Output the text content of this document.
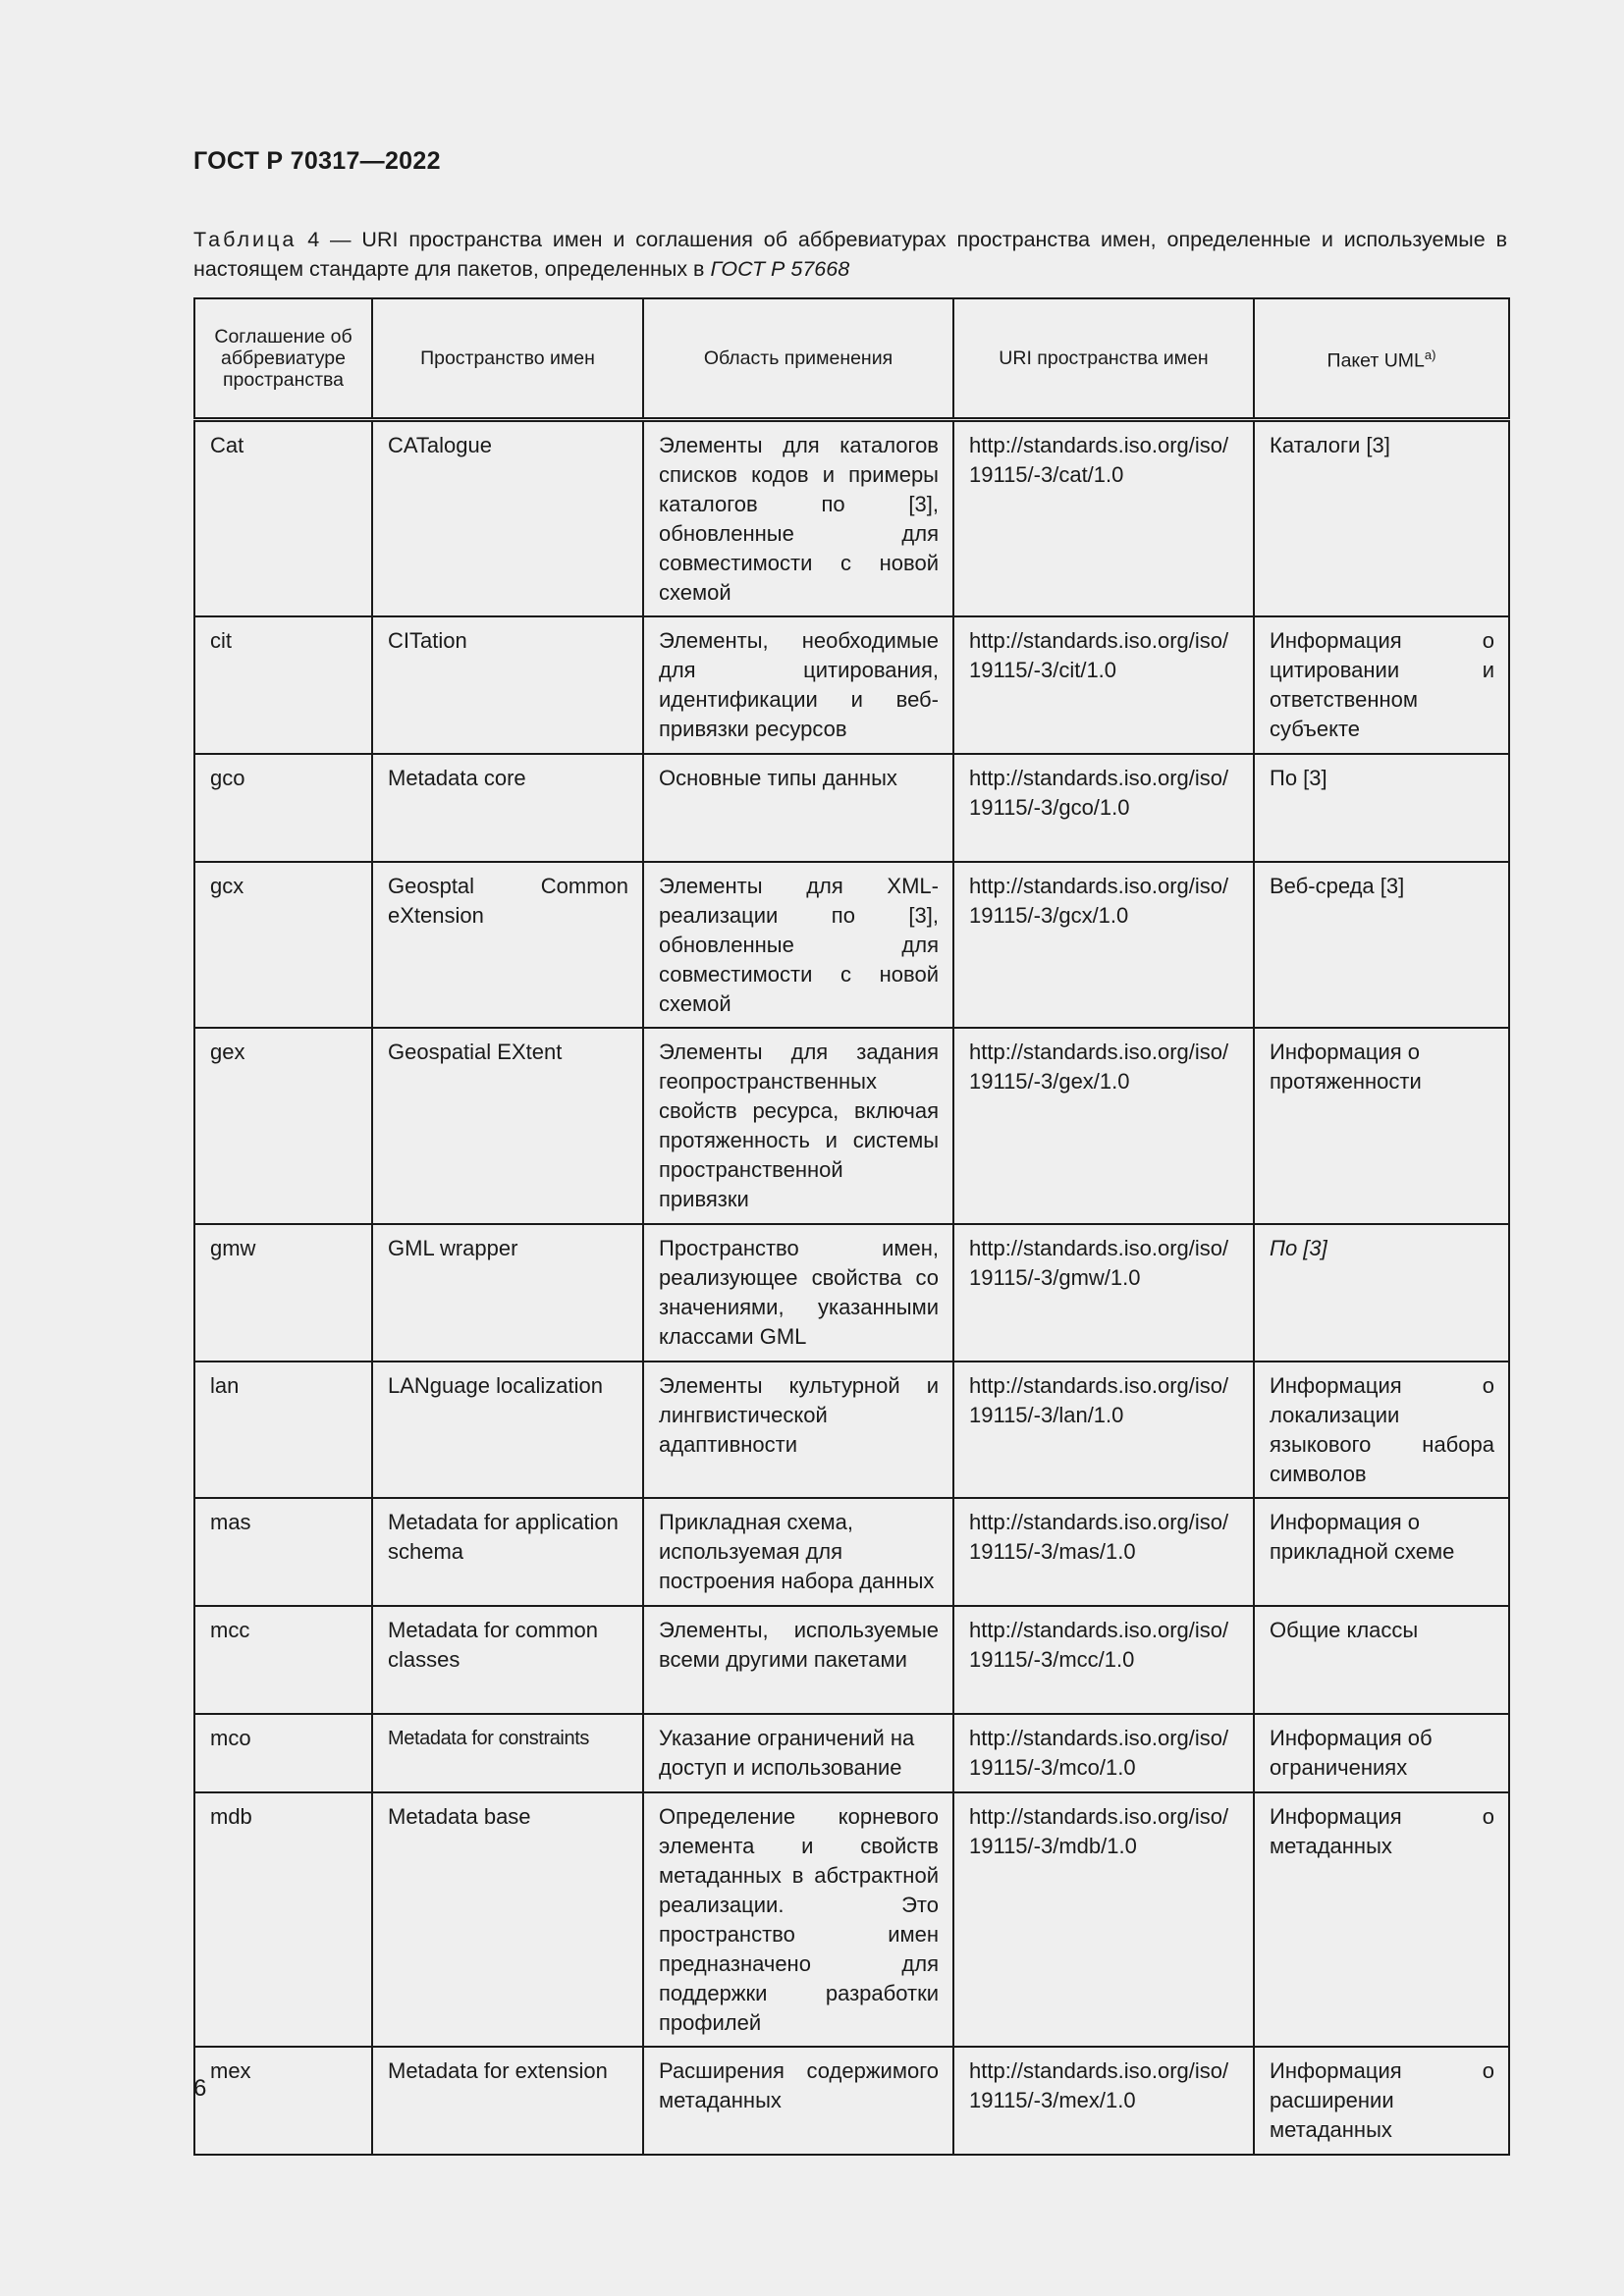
ГОСТ Р 70317—2022
Таблица 4 — URI пространства имен и соглашения об аббревиатурах пространства имен, определенные и используемые в настоящем стандарте для пакетов, определенных в ГОСТ Р 57668
Соглашение об аббревиатуре пространства	Пространство имен	Область применения	URI пространства имен	Пакет $UML^{а)}$
Cat	CATalogue	Элементы для каталогов списков кодов и примеры каталогов по [3], обновленные для совместимости с новой схемой	http://standards.iso.org/iso/19115/-3/cat/1.0	Каталоги [3]
cit	CITation	Элементы, необходимые для цитирования, идентификации и веб-привязки ресурсов	http://standards.iso.org/iso/19115/-3/cit/1.0	Информация о цитировании и ответственном субъекте
gco	Metadata core	Основные типы данных	http://standards.iso.org/iso/19115/-3/gco/1.0	По [3]
gcx	Geosptal Common eXtension	Элементы для XML-реализации по [3], обновленные для совместимости с новой схемой	http://standards.iso.org/iso/19115/-3/gcx/1.0	Веб-среда [3]
gex	Geospatial EXtent	Элементы для задания геопространственных свойств ресурса, включая протяженность и системы пространственной привязки	http://standards.iso.org/iso/19115/-3/gex/1.0	Информация о протяженности
gmw	GML wrapper	Пространство имен, реализующее свойства со значениями, указанными классами GML	http://standards.iso.org/iso/19115/-3/gmw/1.0	По [3]
lan	LANguage localization	Элементы культурной и лингвистической адаптивности	http://standards.iso.org/iso/19115/-3/lan/1.0	Информация о локализации языкового набора символов
mas	Metadata for application schema	Прикладная схема, используемая для построения набора данных	http://standards.iso.org/iso/19115/-3/mas/1.0	Информация о прикладной схеме
mcc	Metadata for common classes	Элементы, используемые всеми другими пакетами	http://standards.iso.org/iso/19115/-3/mcc/1.0	Общие классы
mco	Metadata for constraints	Указание ограничений на доступ и использование	http://standards.iso.org/iso/19115/-3/mco/1.0	Информация об ограничениях
mdb	Metadata base	Определение корневого элемента и свойств метаданных в абстрактной реализации. Это пространство имен предназначено для поддержки разработки профилей	http://standards.iso.org/iso/19115/-3/mdb/1.0	Информация о метаданных
mex	Metadata for extension	Расширения содержимого метаданных	http://standards.iso.org/iso/19115/-3/mex/1.0	Информация о расширении метаданных
6
